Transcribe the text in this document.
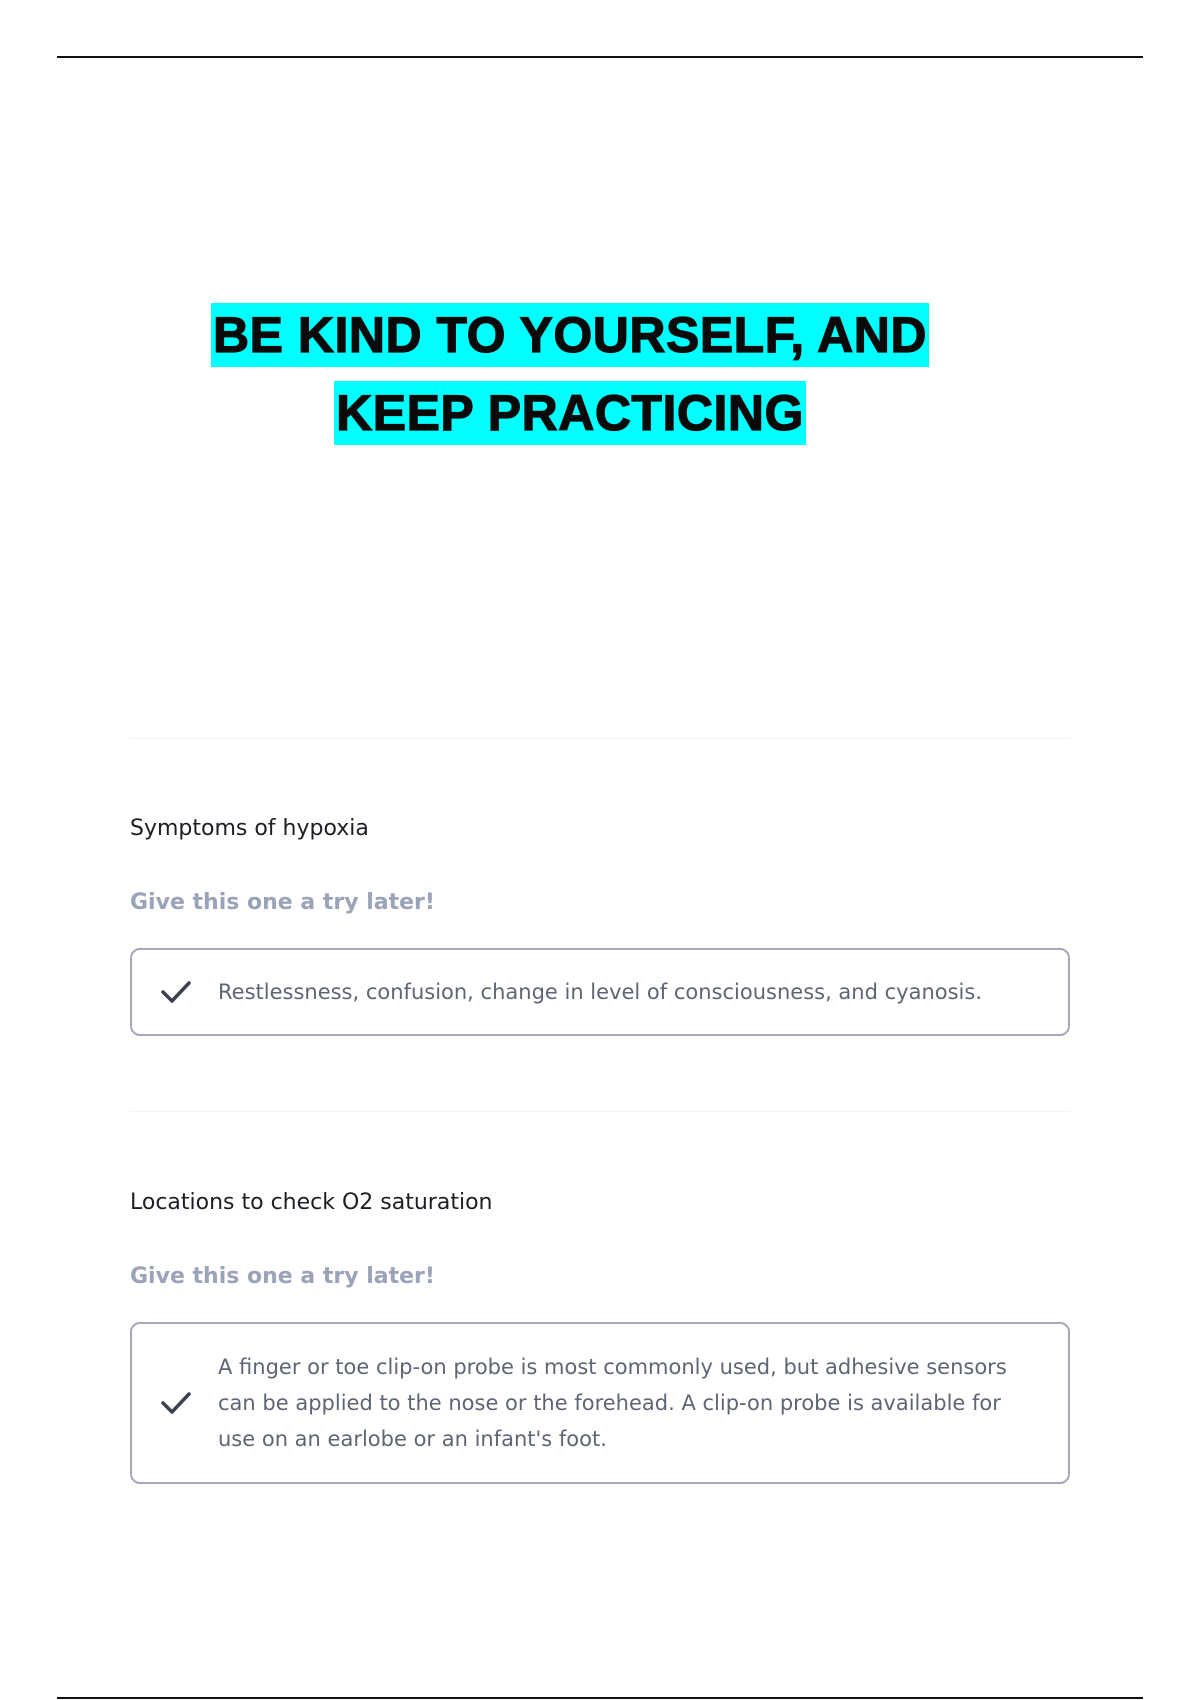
BE KIND TO YOURSELF, AND
KEEP PRACTICING
Symptoms of hypoxia
Give this one a try later!
Restlessness, confusion, change in level of consciousness, and cyanosis.
Locations to check O2 saturation
Give this one a try later!
A finger or toe clip-on probe is most commonly used, but adhesive sensors can be applied to the nose or the forehead. A clip-on probe is available for use on an earlobe or an infant's foot.
